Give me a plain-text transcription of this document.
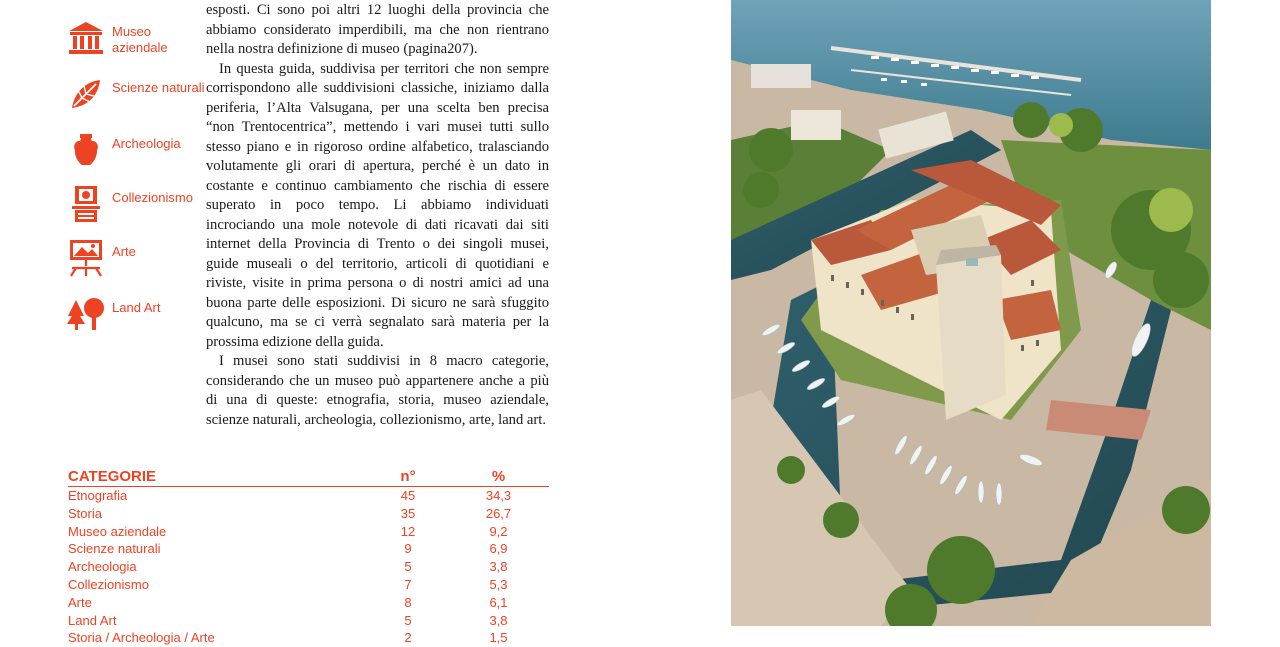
Museo aziendale
Scienze naturali
Archeologia
Collezionismo
Arte
Land Art

esposti. Ci sono poi altri 12 luoghi della provincia che abbiamo considerato imperdibili, ma che non rientrano nella nostra definizione di museo (pagina207).

In questa guida, suddivisa per territori che non sempre corrispondono alle suddivisioni classiche, iniziamo dalla periferia, l’Alta Valsugana, per una scelta ben precisa “non Trentocentrica”, mettendo i vari musei tutti sullo stesso piano e in rigoroso ordine alfabetico, tralasciando volutamente gli orari di apertura, perché è un dato in costante e continuo cambiamento che rischia di essere superato in poco tempo. Li abbiamo individuati incrociando una mole notevole di dati ricavati dai siti internet della Provincia di Trento o dei singoli musei, guide museali o del territorio, articoli di quotidiani e riviste, visite in prima persona o di nostri amici ad una buona parte delle esposizioni. Di sicuro ne sarà sfuggito qualcuno, ma se ci verrà segnalato sarà materia per la prossima edizione della guida.

I musei sono stati suddivisi in 8 macro categorie, considerando che un museo può appartenere anche a più di una di queste: etnografia, storia, museo aziendale, scienze naturali, archeologia, collezionismo, arte, land art.

CATEGORIE	n°	%
Etnografia	45	34,3
Storia	35	26,7
Museo aziendale	12	9,2
Scienze naturali	9	6,9
Archeologia	5	3,8
Collezionismo	7	5,3
Arte	8	6,1
Land Art	5	3,8
Storia / Archeologia / Arte	2	1,5
